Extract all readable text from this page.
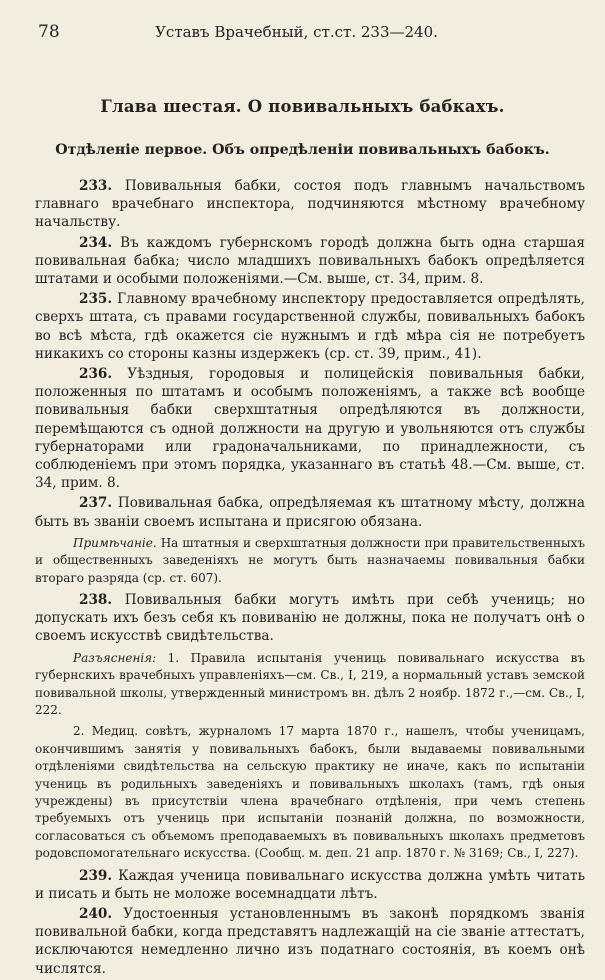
78	Уставъ Врачебный, ст.ст. 233—240.
Глава шестая. О повивальныхъ бабкахъ.
Отдѣленіе первое. Объ опредѣленіи повивальныхъ бабокъ.

233. Повивальныя бабки, состоя подъ главнымъ начальствомъ главнаго врачебнаго инспектора, подчиняются мѣстному врачебному начальству.

234. Въ каждомъ губернскомъ городѣ должна быть одна старшая повивальная бабка; число младшихъ повивальныхъ бабокъ опредѣляется штатами и особыми положеніями.—См. выше, ст. 34, прим. 8.

235. Главному врачебному инспектору предоставляется опредѣлять, сверхъ штата, съ правами государственной службы, повивальныхъ бабокъ во всѣ мѣста, гдѣ окажется сіе нужнымъ и гдѣ мѣра сія не потребуетъ никакихъ со стороны казны издержекъ (ср. ст. 39, прим., 41).

236. Уѣздныя, городовыя и полицейскія повивальныя бабки, положенныя по штатамъ и особымъ положеніямъ, а также всѣ вообще повивальныя бабки сверхштатныя опредѣляются въ должности, перемѣщаются съ одной должности на другую и увольняются отъ службы губернаторами или градоначальниками, по принадлежности, съ соблюденіемъ при этомъ порядка, указаннаго въ статьѣ 48.—См. выше, ст. 34, прим. 8.

237. Повивальная бабка, опредѣляемая къ штатному мѣсту, должна быть въ званіи своемъ испытана и присягою обязана.

Примѣчаніе. На штатныя и сверхштатныя должности при правительственныхъ и общественныхъ заведеніяхъ не могутъ быть назначаемы повивальныя бабки втораго разряда (ср. ст. 607).

238. Повивальныя бабки могутъ имѣть при себѣ учениць; но допускать ихъ безъ себя къ повиванію не должны, пока не получатъ онѣ о своемъ искусствѣ свидѣтельства.

Разъясненія: 1. Правила испытанія учениць повивальнаго искусства въ губернскихъ врачебныхъ управленіяхъ—см. Св., I, 219, а нормальный уставъ земской повивальной школы, утвержденный министромъ вн. дѣлъ 2 ноябр. 1872 г.,—см. Св., I, 222.

2. Медиц. совѣтъ, журналомъ 17 марта 1870 г., нашелъ, чтобы ученицамъ, окончившимъ занятія у повивальныхъ бабокъ, были выдаваемы повивальными отдѣленіями свидѣтельства на сельскую практику не иначе, какъ по испытаніи учениць въ родильныхъ заведеніяхъ и повивальныхъ школахъ (тамъ, гдѣ оныя учреждены) въ присутствіи члена врачебнаго отдѣленія, при чемъ степень требуемыхъ отъ учениць при испытаніи познаній должна, по возможности, согласоваться съ объемомъ преподаваемыхъ въ повивальныхъ школахъ предметовъ родовспомогательнаго искусства. (Сообщ. м. деп. 21 апр. 1870 г. № 3169; Св., I, 227).

239. Каждая ученица повивальнаго искусства должна умѣть читать и писать и быть не моложе восемнадцати лѣтъ.

240. Удостоенныя установленнымъ въ законѣ порядкомъ званія повивальной бабки, когда представятъ надлежащій на сіе званіе аттестатъ, исключаются немедленно лично изъ податнаго состоянія, въ коемъ онѣ числятся.
